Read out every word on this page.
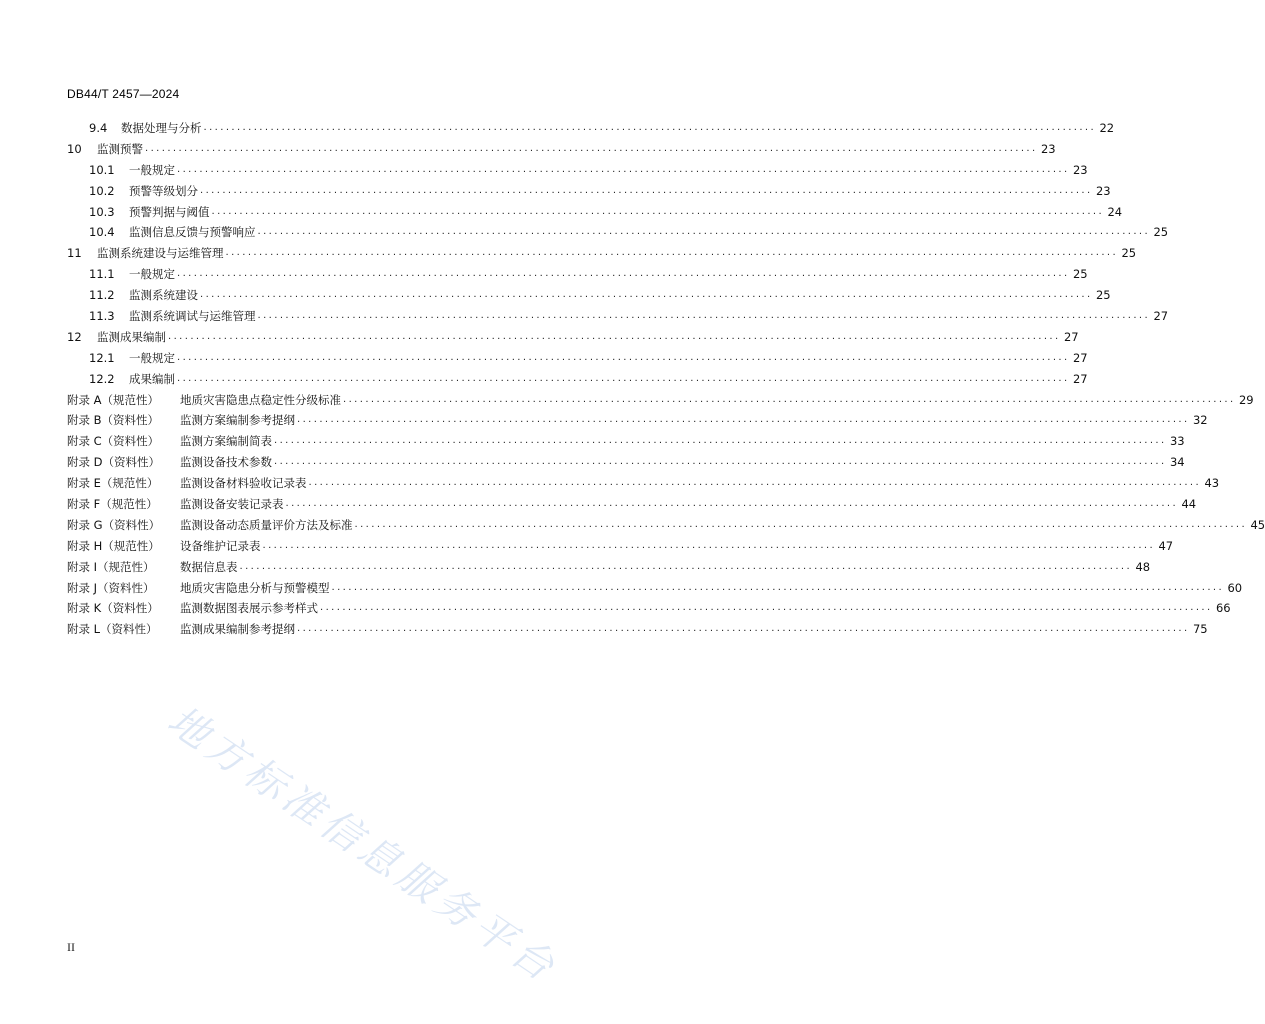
DB44/T 2457—2024
9.4	数据处理与分析 ................................................................................................................................................................ 22
10	监测预警 ................................................................................................................................................................ 23
10.1	一般规定 ................................................................................................................................................................ 23
10.2	预警等级划分 ................................................................................................................................................................ 23
10.3	预警判据与阈值 ................................................................................................................................................................ 24
10.4	监测信息反馈与预警响应 ................................................................................................................................................................ 25
11	监测系统建设与运维管理 ................................................................................................................................................................ 25
11.1	一般规定 ................................................................................................................................................................ 25
11.2	监测系统建设 ................................................................................................................................................................ 25
11.3	监测系统调试与运维管理 ................................................................................................................................................................ 27
12	监测成果编制 ................................................................................................................................................................ 27
12.1	一般规定 ................................................................................................................................................................ 27
12.2	成果编制 ................................................................................................................................................................ 27
附录 A（规范性）	地质灾害隐患点稳定性分级标准 ................................................................................................................................................................ 29
附录 B（资料性）	监测方案编制参考提纲 ................................................................................................................................................................ 32
附录 C（资料性）	监测方案编制简表 ................................................................................................................................................................ 33
附录 D（资料性）	监测设备技术参数 ................................................................................................................................................................ 34
附录 E（规范性）	监测设备材料验收记录表 ................................................................................................................................................................ 43
附录 F（规范性）	监测设备安装记录表 ................................................................................................................................................................ 44
附录 G（资料性）	监测设备动态质量评价方法及标准 ................................................................................................................................................................ 45
附录 H（规范性）	设备维护记录表 ................................................................................................................................................................ 47
附录 I（规范性）	数据信息表 ................................................................................................................................................................ 48
附录 J（资料性）	地质灾害隐患分析与预警模型 ................................................................................................................................................................ 60
附录 K（资料性）	监测数据图表展示参考样式 ................................................................................................................................................................ 66
附录 L（资料性）	监测成果编制参考提纲 ................................................................................................................................................................ 75
地方标准信息服务平台
II
